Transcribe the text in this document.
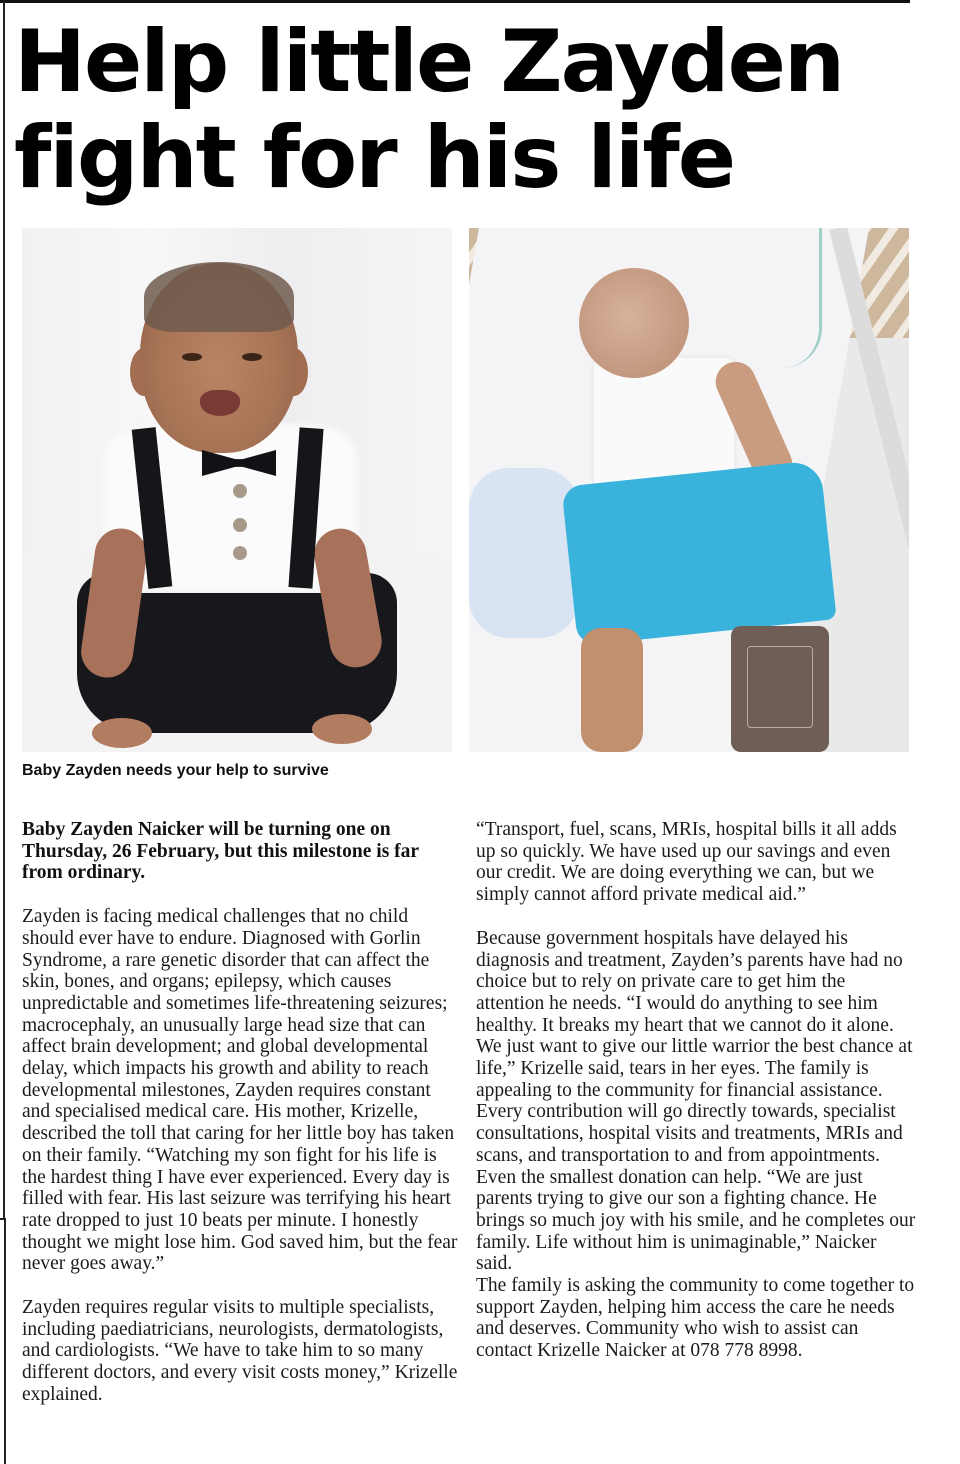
Help little Zayden fight for his life

Baby Zayden needs your help to survive

Baby Zayden Naicker will be turning one on Thursday, 26 February, but this milestone is far from ordinary.

Zayden is facing medical challenges that no child should ever have to endure. Diagnosed with Gorlin Syndrome, a rare genetic disorder that can affect the skin, bones, and organs; epilepsy, which causes unpredictable and sometimes life-threatening seizures; macrocephaly, an unusually large head size that can affect brain development; and global developmental delay, which impacts his growth and ability to reach developmental milestones, Zayden requires constant and specialised medical care. His mother, Krizelle, described the toll that caring for her little boy has taken on their family. “Watching my son fight for his life is the hardest thing I have ever experienced. Every day is filled with fear. His last seizure was terrifying his heart rate dropped to just 10 beats per minute. I honestly thought we might lose him. God saved him, but the fear never goes away.”

Zayden requires regular visits to multiple specialists, including paediatricians, neurologists, dermatologists, and cardiologists. “We have to take him to so many different doctors, and every visit costs money,” Krizelle explained.

“Transport, fuel, scans, MRIs, hospital bills it all adds up so quickly. We have used up our savings and even our credit. We are doing everything we can, but we simply cannot afford private medical aid.”

Because government hospitals have delayed his diagnosis and treatment, Zayden’s parents have had no choice but to rely on private care to get him the attention he needs. “I would do anything to see him healthy. It breaks my heart that we cannot do it alone. We just want to give our little warrior the best chance at life,” Krizelle said, tears in her eyes. The family is appealing to the community for financial assistance. Every contribution will go directly towards, specialist consultations, hospital visits and treatments, MRIs and scans, and transportation to and from appointments. Even the smallest donation can help. “We are just parents trying to give our son a fighting chance. He brings so much joy with his smile, and he completes our family. Life without him is unimaginable,” Naicker said.

The family is asking the community to come together to support Zayden, helping him access the care he needs and deserves. Community who wish to assist can contact Krizelle Naicker at 078 778 8998.
